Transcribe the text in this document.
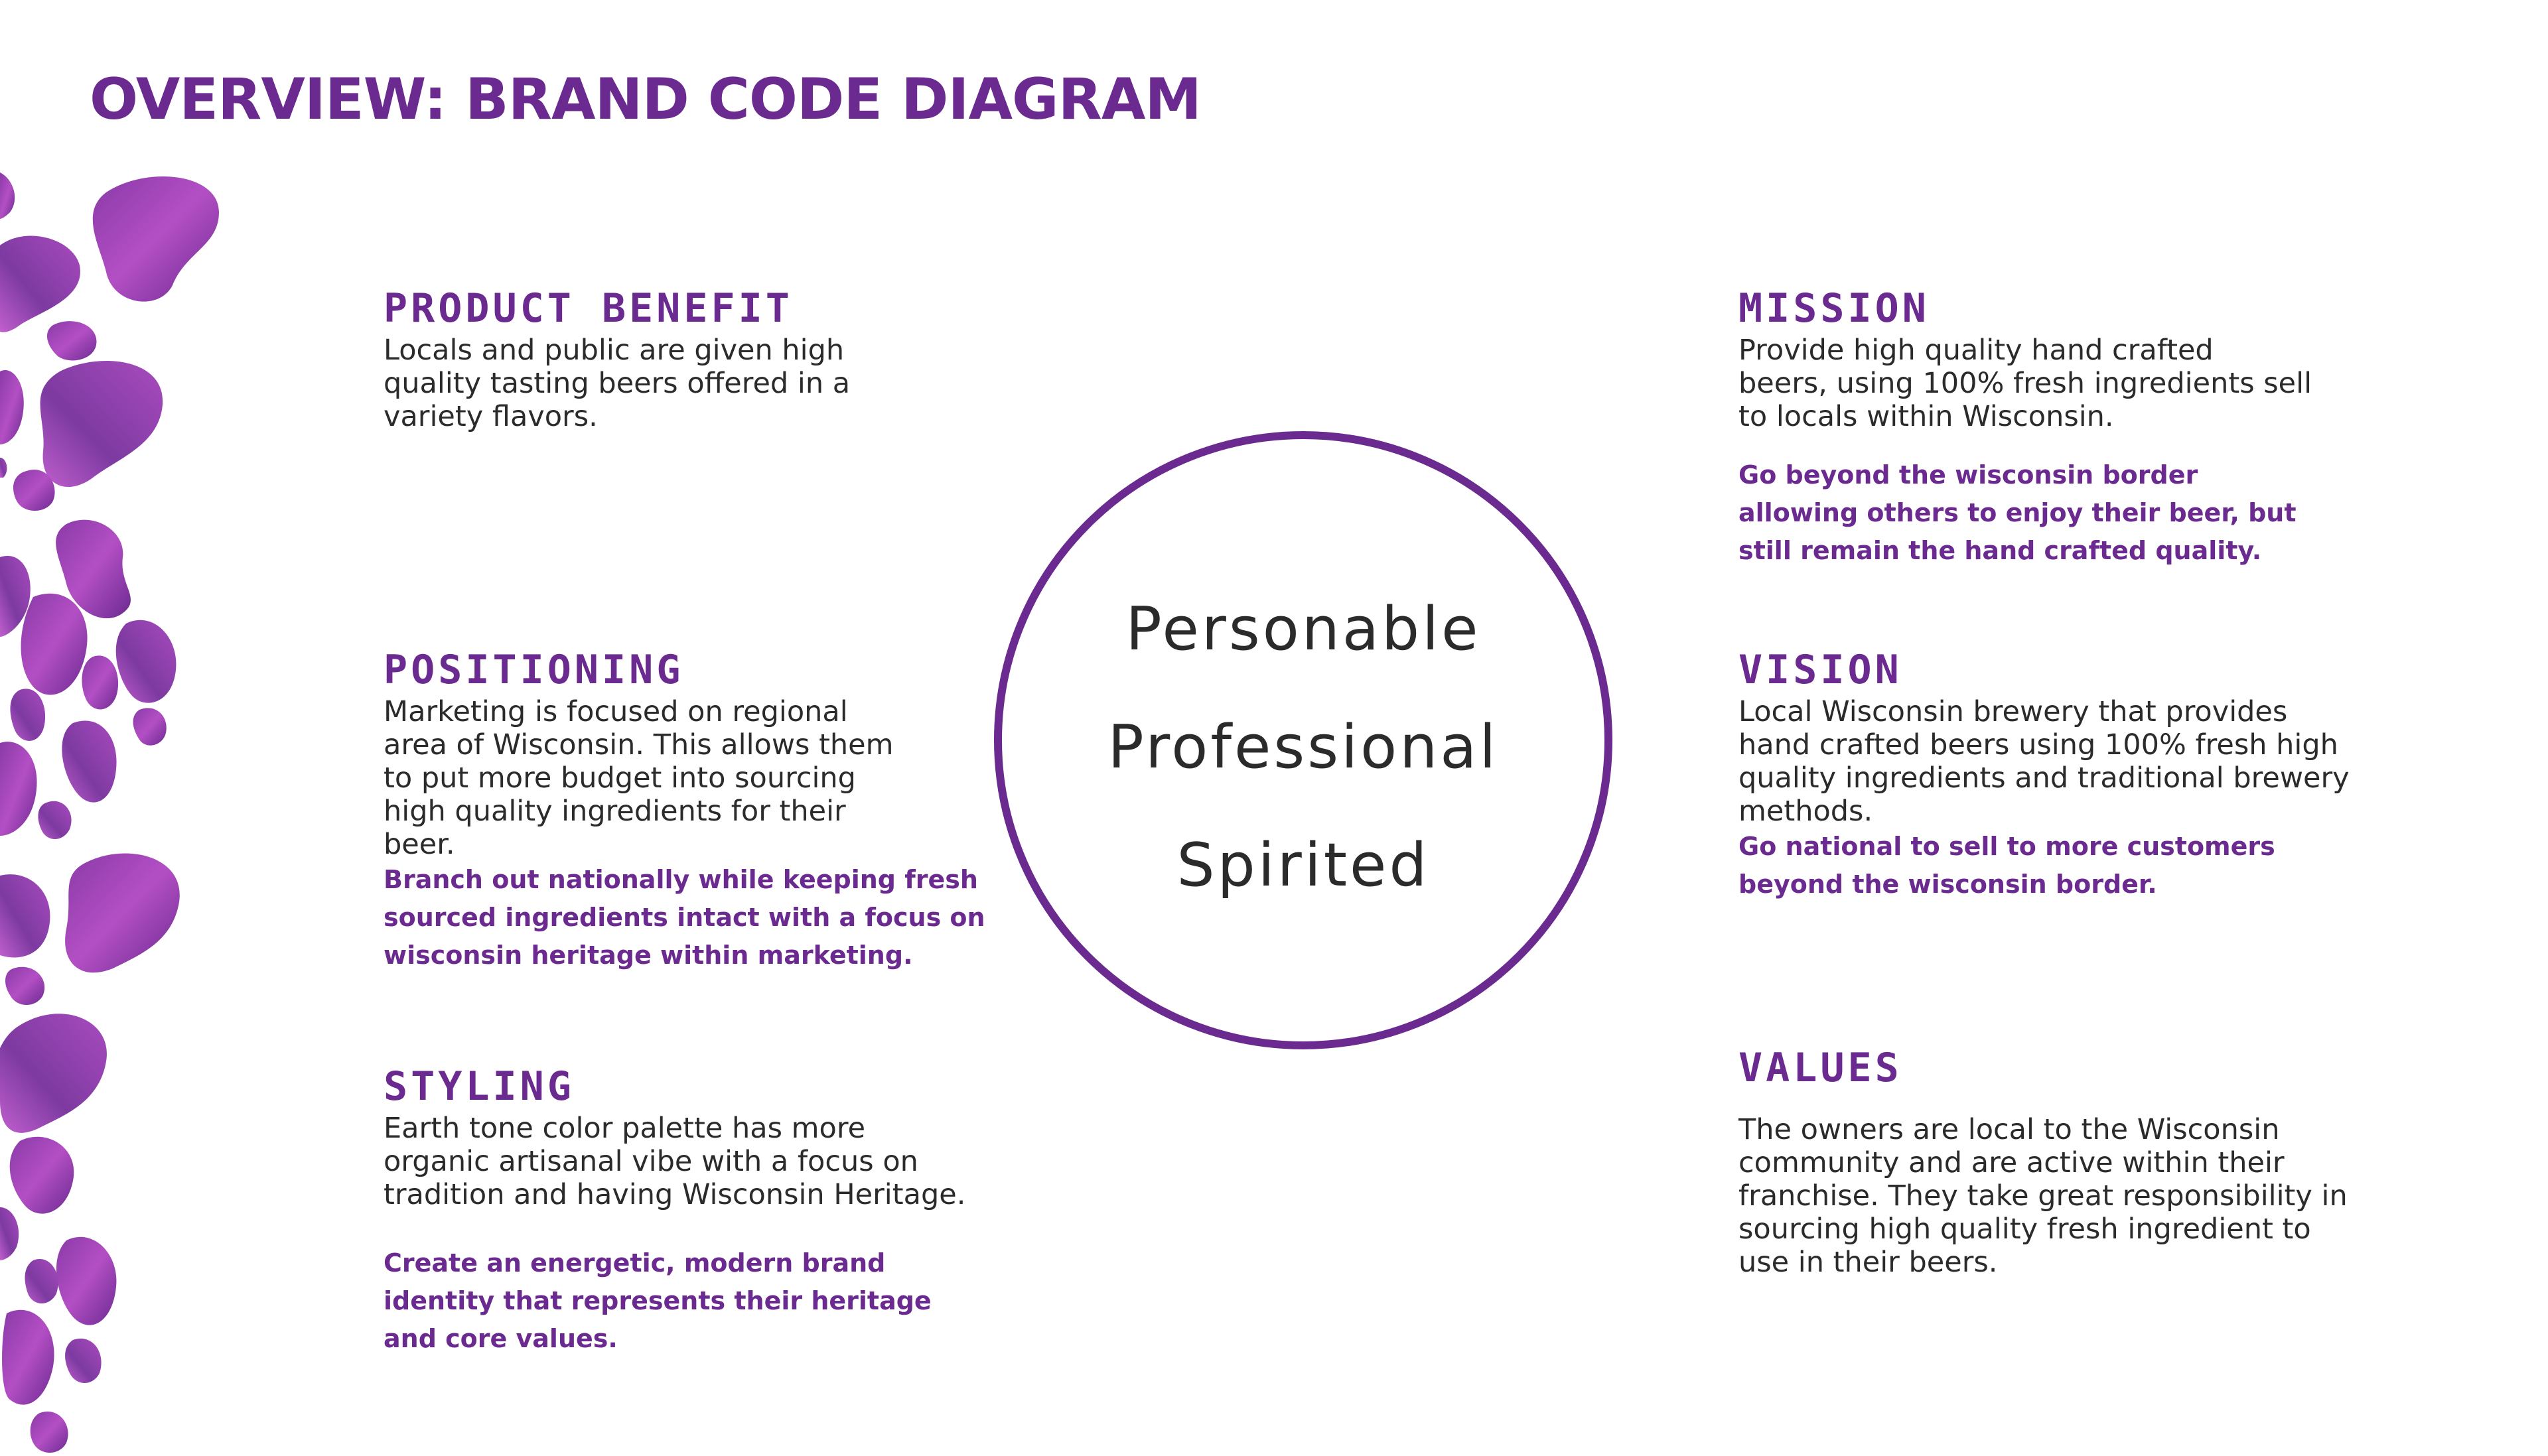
OVERVIEW: BRAND CODE DIAGRAM
PRODUCT BENEFIT

Locals and public are given high
quality tasting beers offered in a
variety flavors.

POSITIONING

Marketing is focused on regional
area of Wisconsin. This allows them
to put more budget into sourcing
high quality ingredients for their
beer.

Branch out nationally while keeping fresh
sourced ingredients intact with a focus on
wisconsin heritage within marketing.

STYLING

Earth tone color palette has more
organic artisanal vibe with a focus on
tradition and having Wisconsin Heritage.

Create an energetic, modern brand
identity that represents their heritage
and core values.

Personable
Professional
Spirited
MISSION

Provide high quality hand crafted
beers, using 100% fresh ingredients sell
to locals within Wisconsin.

Go beyond the wisconsin border
allowing others to enjoy their beer, but
still remain the hand crafted quality.

VISION

Local Wisconsin brewery that provides
hand crafted beers using 100% fresh high
quality ingredients and traditional brewery
methods.

Go national to sell to more customers
beyond the wisconsin border.

VALUES

The owners are local to the Wisconsin
community and are active within their
franchise. They take great responsibility in
sourcing high quality fresh ingredient to
use in their beers.
